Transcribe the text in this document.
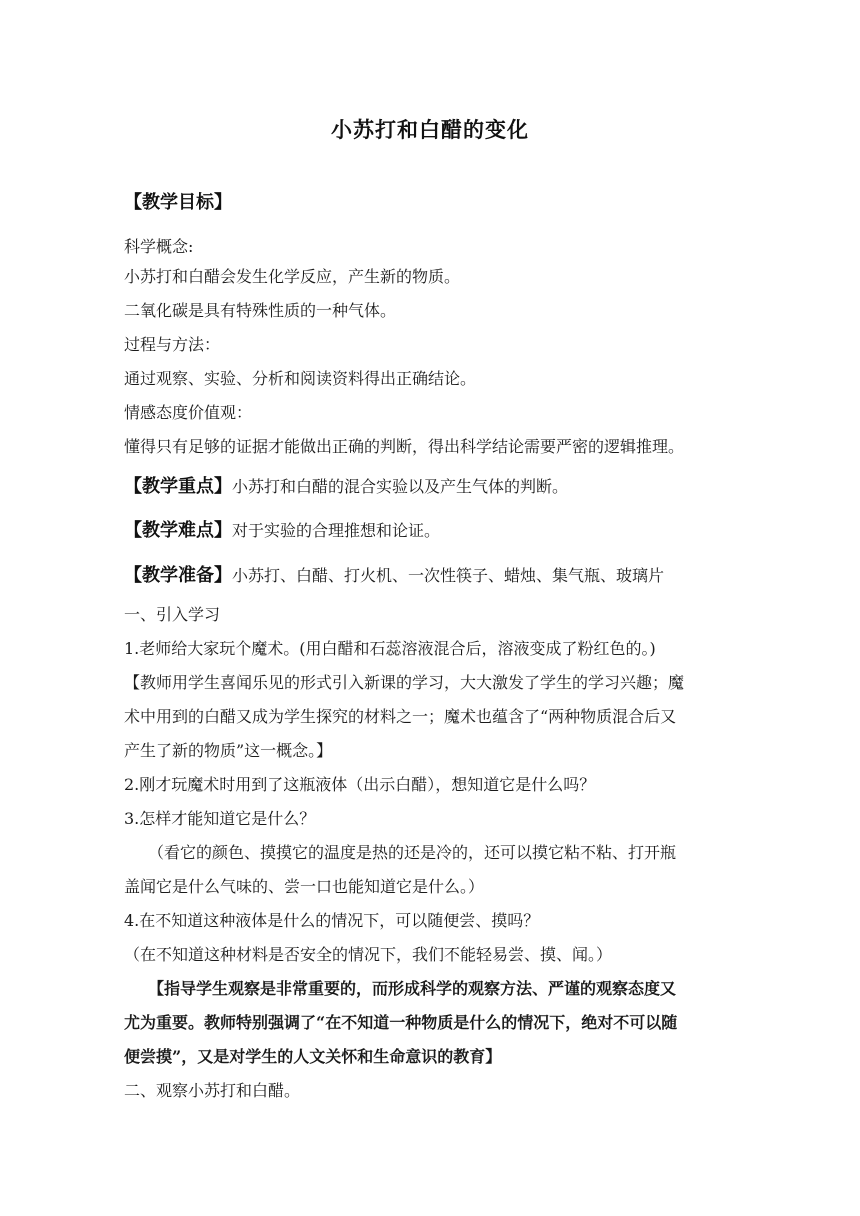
小苏打和白醋的变化
【教学目标】
科学概念:
小苏打和白醋会发生化学反应，产生新的物质。
二氧化碳是具有特殊性质的一种气体。
过程与方法：
通过观察、实验、分析和阅读资料得出正确结论。
情感态度价值观：
懂得只有足够的证据才能做出正确的判断，得出科学结论需要严密的逻辑推理。
【教学重点】小苏打和白醋的混合实验以及产生气体的判断。
【教学难点】对于实验的合理推想和论证。
【教学准备】小苏打、白醋、打火机、一次性筷子、蜡烛、集气瓶、玻璃片
一、引入学习
1.老师给大家玩个魔术。(用白醋和石蕊溶液混合后，溶液变成了粉红色的。)
【教师用学生喜闻乐见的形式引入新课的学习，大大激发了学生的学习兴趣；魔
术中用到的白醋又成为学生探究的材料之一；魔术也蕴含了“两种物质混合后又
产生了新的物质”这一概念。】
2.刚才玩魔术时用到了这瓶液体（出示白醋），想知道它是什么吗？
3.怎样才能知道它是什么？
　　（看它的颜色、摸摸它的温度是热的还是冷的，还可以摸它粘不粘、打开瓶
盖闻它是什么气味的、尝一口也能知道它是什么。）
4.在不知道这种液体是什么的情况下，可以随便尝、摸吗？
（在不知道这种材料是否安全的情况下，我们不能轻易尝、摸、闻。）
　　【指导学生观察是非常重要的，而形成科学的观察方法、严谨的观察态度又
尤为重要。教师特别强调了“在不知道一种物质是什么的情况下，绝对不可以随
便尝摸”，又是对学生的人文关怀和生命意识的教育】
二、观察小苏打和白醋。
